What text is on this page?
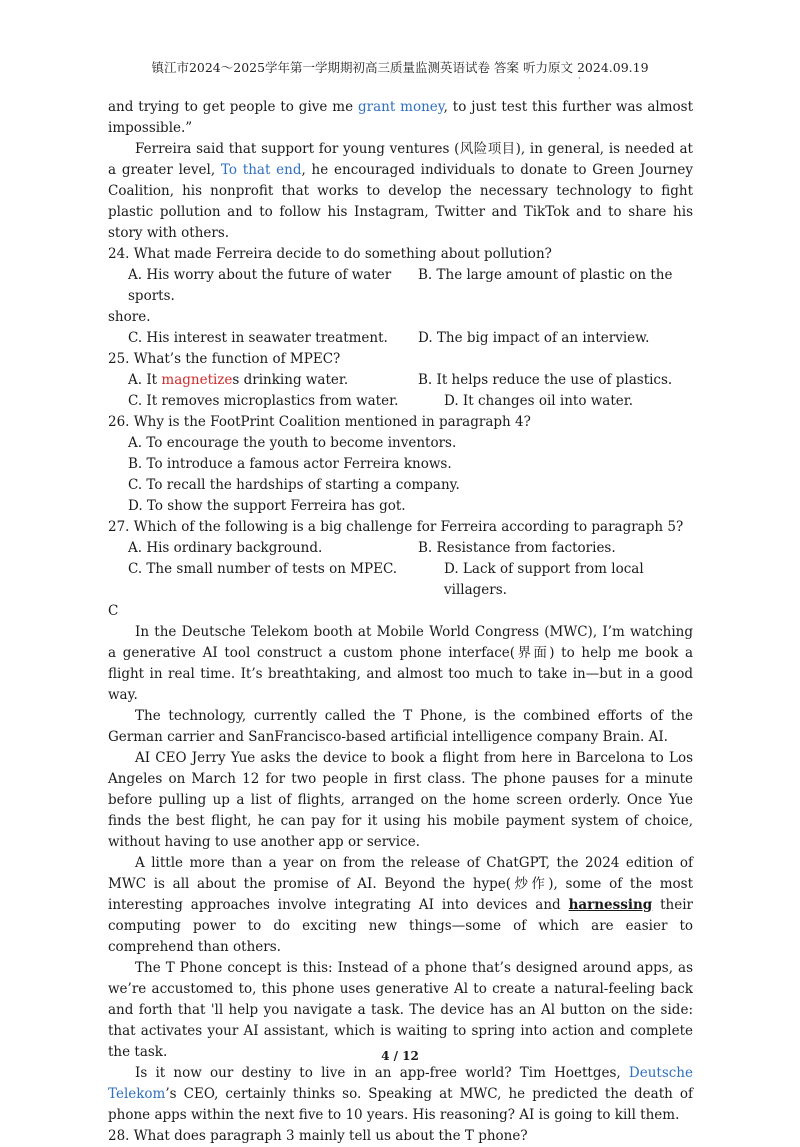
镇江市2024～2025学年第一学期期初高三质量监测英语试卷 答案 听力原文 2024.09.19
·

and trying to get people to give me grant money, to just test this further was almost impossible.”

Ferreira said that support for young ventures (风险项目), in general, is needed at a greater level, To that end, he encouraged individuals to donate to Green Journey Coalition, his nonprofit that works to develop the necessary technology to fight plastic pollution and to follow his Instagram, Twitter and TikTok and to share his story with others.

24. What made Ferreira decide to do something about pollution?

A. His worry about the future of water sports.
B. The large amount of plastic on the

shore.

C. His interest in seawater treatment.	D. The big impact of an interview.

25. What’s the function of MPEC?

A. It magnetizes drinking water.	B. It helps reduce the use of plastics.
C. It removes microplastics from water.	D. It changes oil into water.

26. Why is the FootPrint Coalition mentioned in paragraph 4?

A. To encourage the youth to become inventors.

B. To introduce a famous actor Ferreira knows.

C. To recall the hardships of starting a company.

D. To show the support Ferreira has got.

27. Which of the following is a big challenge for Ferreira according to paragraph 5?

A. His ordinary background.	B. Resistance from factories.
C. The small number of tests on MPEC.	D. Lack of support from local villagers.

C

In the Deutsche Telekom booth at Mobile World Congress (MWC), I’m watching a generative AI tool construct a custom phone interface(界面) to help me book a flight in real time. It’s breathtaking, and almost too much to take in—but in a good way.

The technology, currently called the T Phone, is the combined efforts of the German carrier and SanFrancisco-based artificial intelligence company Brain. AI.

AI CEO Jerry Yue asks the device to book a flight from here in Barcelona to Los Angeles on March 12 for two people in first class. The phone pauses for a minute before pulling up a list of flights, arranged on the home screen orderly. Once Yue finds the best flight, he can pay for it using his mobile payment system of choice, without having to use another app or service.

A little more than a year on from the release of ChatGPT, the 2024 edition of MWC is all about the promise of AI. Beyond the hype(炒作), some of the most interesting approaches involve integrating AI into devices and harnessing their computing power to do exciting new things—some of which are easier to comprehend than others.

The T Phone concept is this: Instead of a phone that’s designed around apps, as we’re accustomed to, this phone uses generative Al to create a natural-feeling back and forth that 'll help you navigate a task. The device has an Al button on the side: that activates your AI assistant, which is waiting to spring into action and complete the task.

Is it now our destiny to live in an app-free world? Tim Hoettges, Deutsche Telekom’s CEO, certainly thinks so. Speaking at MWC, he predicted the death of phone apps within the next five to 10 years. His reasoning? AI is going to kill them.

28. What does paragraph 3 mainly tell us about the T phone?

4 / 12
